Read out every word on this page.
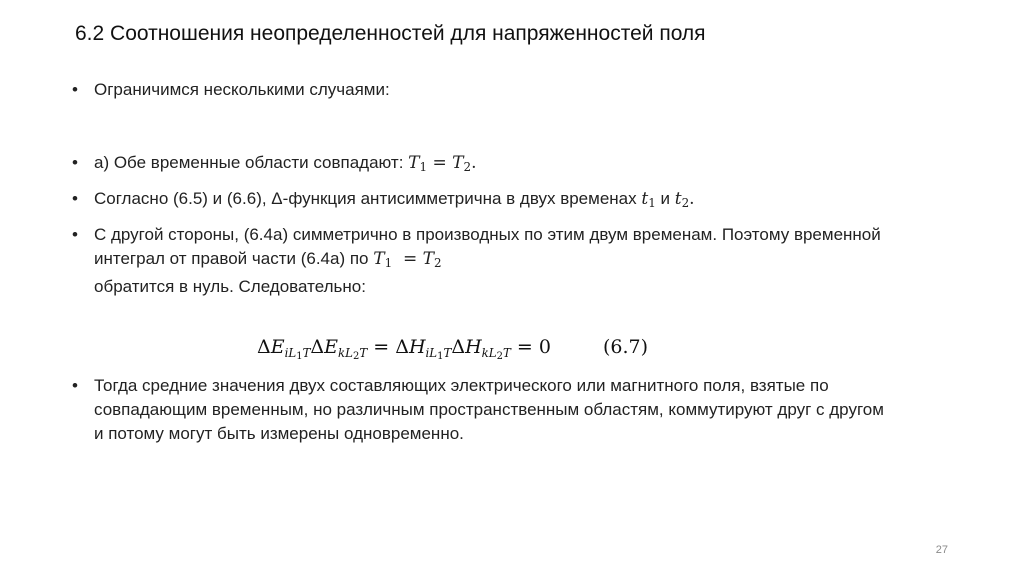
6.2 Соотношения неопределенностей для напряженностей поля
• Ограничимся несколькими случаями:
• а) Обе временные области совпадают: $T_1 = T_2$.
• Согласно (6.5) и (6.6), Δ-функция антисимметрична в двух временах $t_1$ и $t_2$.
• С другой стороны, (6.4а) симметрично в производных по этим двум временам. Поэтому временной интеграл от правой части (6.4а) по $T_1 = T_2$
обратится в нуль. Следовательно:
$\Delta E_{iL_1T}\Delta E_{kL_2T} = \Delta H_{iL_1T}\Delta H_{kL_2T} = 0$	(6.7)
• Тогда средние значения двух составляющих электрического или магнитного поля, взятые по совпадающим временным, но различным пространственным областям, коммутируют друг с другом и потому могут быть измерены одновременно.
27
